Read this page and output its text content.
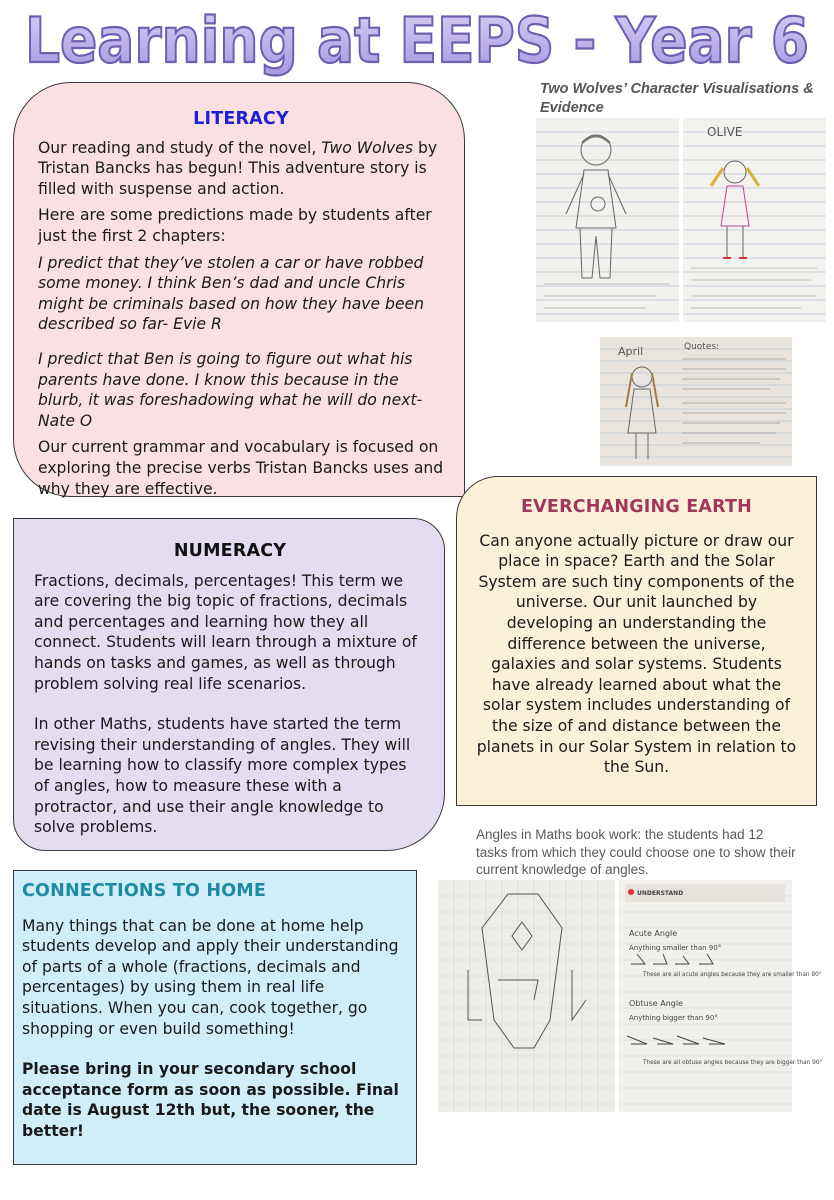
Learning at EEPS - Year 6
LITERACY

Our reading and study of the novel, Two Wolves by Tristan Bancks has begun! This adventure story is filled with suspense and action.

Here are some predictions made by students after just the first 2 chapters:

I predict that they’ve stolen a car or have robbed some money. I think Ben’s dad and uncle Chris might be criminals based on how they have been described so far- Evie R

I predict that Ben is going to figure out what his parents have done. I know this because in the blurb, it was foreshadowing what he will do next- Nate O

Our current grammar and vocabulary is focused on exploring the precise verbs Tristan Bancks uses and why they are effective.

Two Wolves’ Character Visualisations & Evidence
OLIVE
April	Quotes:
NUMERACY

Fractions, decimals, percentages! This term we are covering the big topic of fractions, decimals and percentages and learning how they all connect. Students will learn through a mixture of hands on tasks and games, as well as through problem solving real life scenarios.

In other Maths, students have started the term revising their understanding of angles. They will be learning how to classify more complex types of angles, how to measure these with a protractor, and use their angle knowledge to solve problems.

EVERCHANGING EARTH

Can anyone actually picture or draw our place in space? Earth and the Solar System are such tiny components of the universe. Our unit launched by developing an understanding the difference between the universe, galaxies and solar systems. Students have already learned about what the solar system includes understanding of the size of and distance between the planets in our Solar System in relation to the Sun.

Angles in Maths book work: the students had 12 tasks from which they could choose one to show their current knowledge of angles.
UNDERSTAND
Acute Angle
Anything smaller than 90°
These are all acute angles because they are smaller than 90°
Obtuse Angle
Anything bigger than 90°
These are all obtuse angles because they are bigger than 90°
CONNECTIONS TO HOME

Many things that can be done at home help students develop and apply their understanding of parts of a whole (fractions, decimals and percentages) by using them in real life situations. When you can, cook together, go shopping or even build something!

Please bring in your secondary school acceptance form as soon as possible. Final date is August 12th but, the sooner, the better!
